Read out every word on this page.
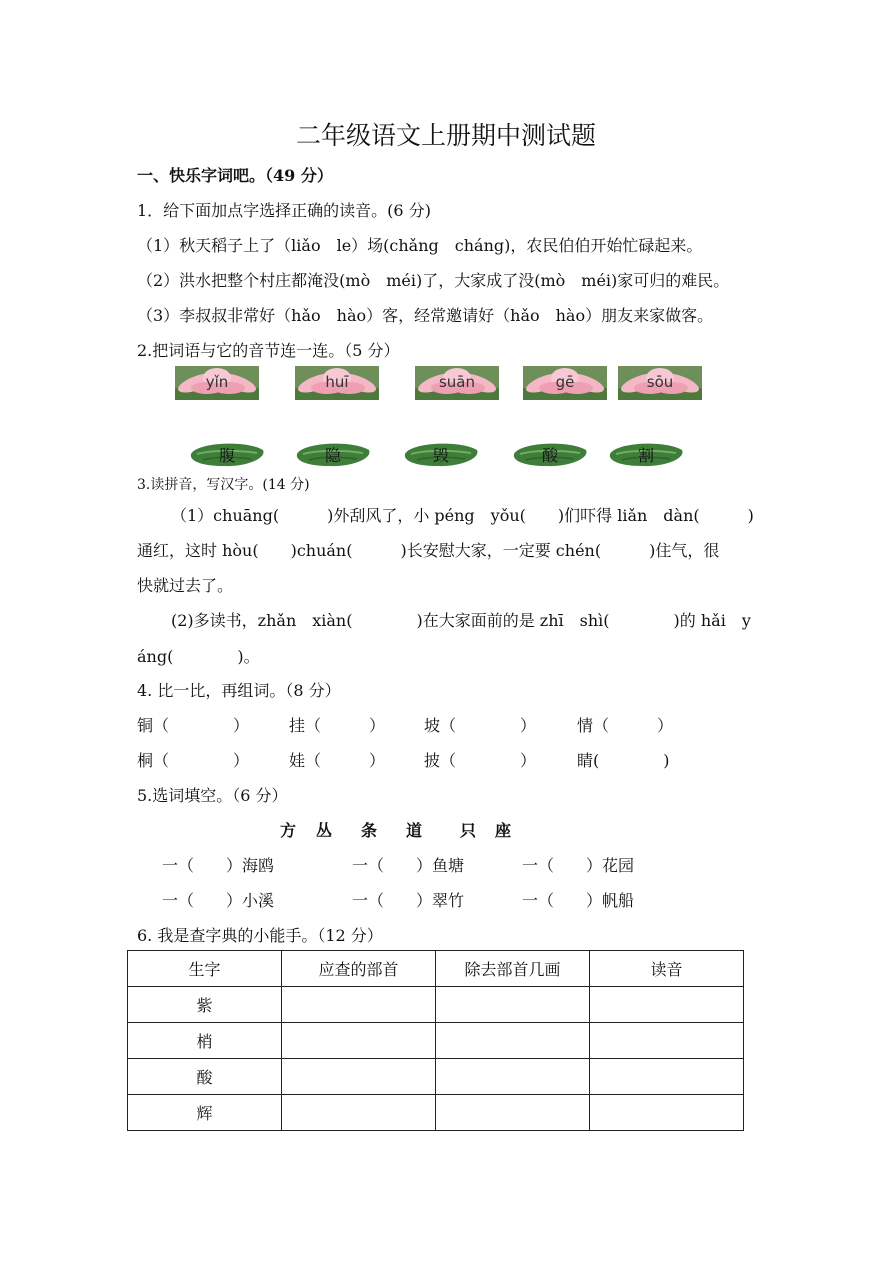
二年级语文上册期中测试题
一、快乐字词吧。（49 分）
1．给下面加点字选择正确的读音。(6 分)
（1）秋天稻子上了（liǎo　le）场(chǎng　cháng)，农民伯伯开始忙碌起来。
（2）洪水把整个村庄都淹没(mò　méi)了，大家成了没(mò　méi)家可归的难民。
（3）李叔叔非常好（hǎo　hào）客，经常邀请好（hǎo　hào）朋友来家做客。
2.把词语与它的音节连一连。（5 分）
yǐn	huī	suān	gē	sōu
腹	隐	毁	酸	割
3.读拼音，写汉字。(14 分)
（1）chuāng(　　　)外刮风了，小 péng　yǒu(　　)们吓得 liǎn　dàn(　　　)
通红，这时 hòu(　　)chuán(　　　)长安慰大家，一定要 chén(　　　)住气，很
快就过去了。
(2)多读书，zhǎn　xiàn(　　　　)在大家面前的是 zhī　shì(　　　　)的 hǎi　y
áng(　　　　)。
4. 比一比，再组词。（8 分）
铜（　　　　） 挂（　　　） 坡（　　　　）	情（　　　）
桐（　　　　） 娃（　　　） 披（　　　　）	睛(　　　　)
5.选词填空。（6 分）
方 丛 条 道 只 座
一（　　）海鸥	一（　　）鱼塘	一（　　）花园
一（　　）小溪	一（　　）翠竹	一（　　）帆船
6. 我是查字典的小能手。（12 分）
生字	应查的部首	除去部首几画	读音
紫			
梢			
酸			
辉			
